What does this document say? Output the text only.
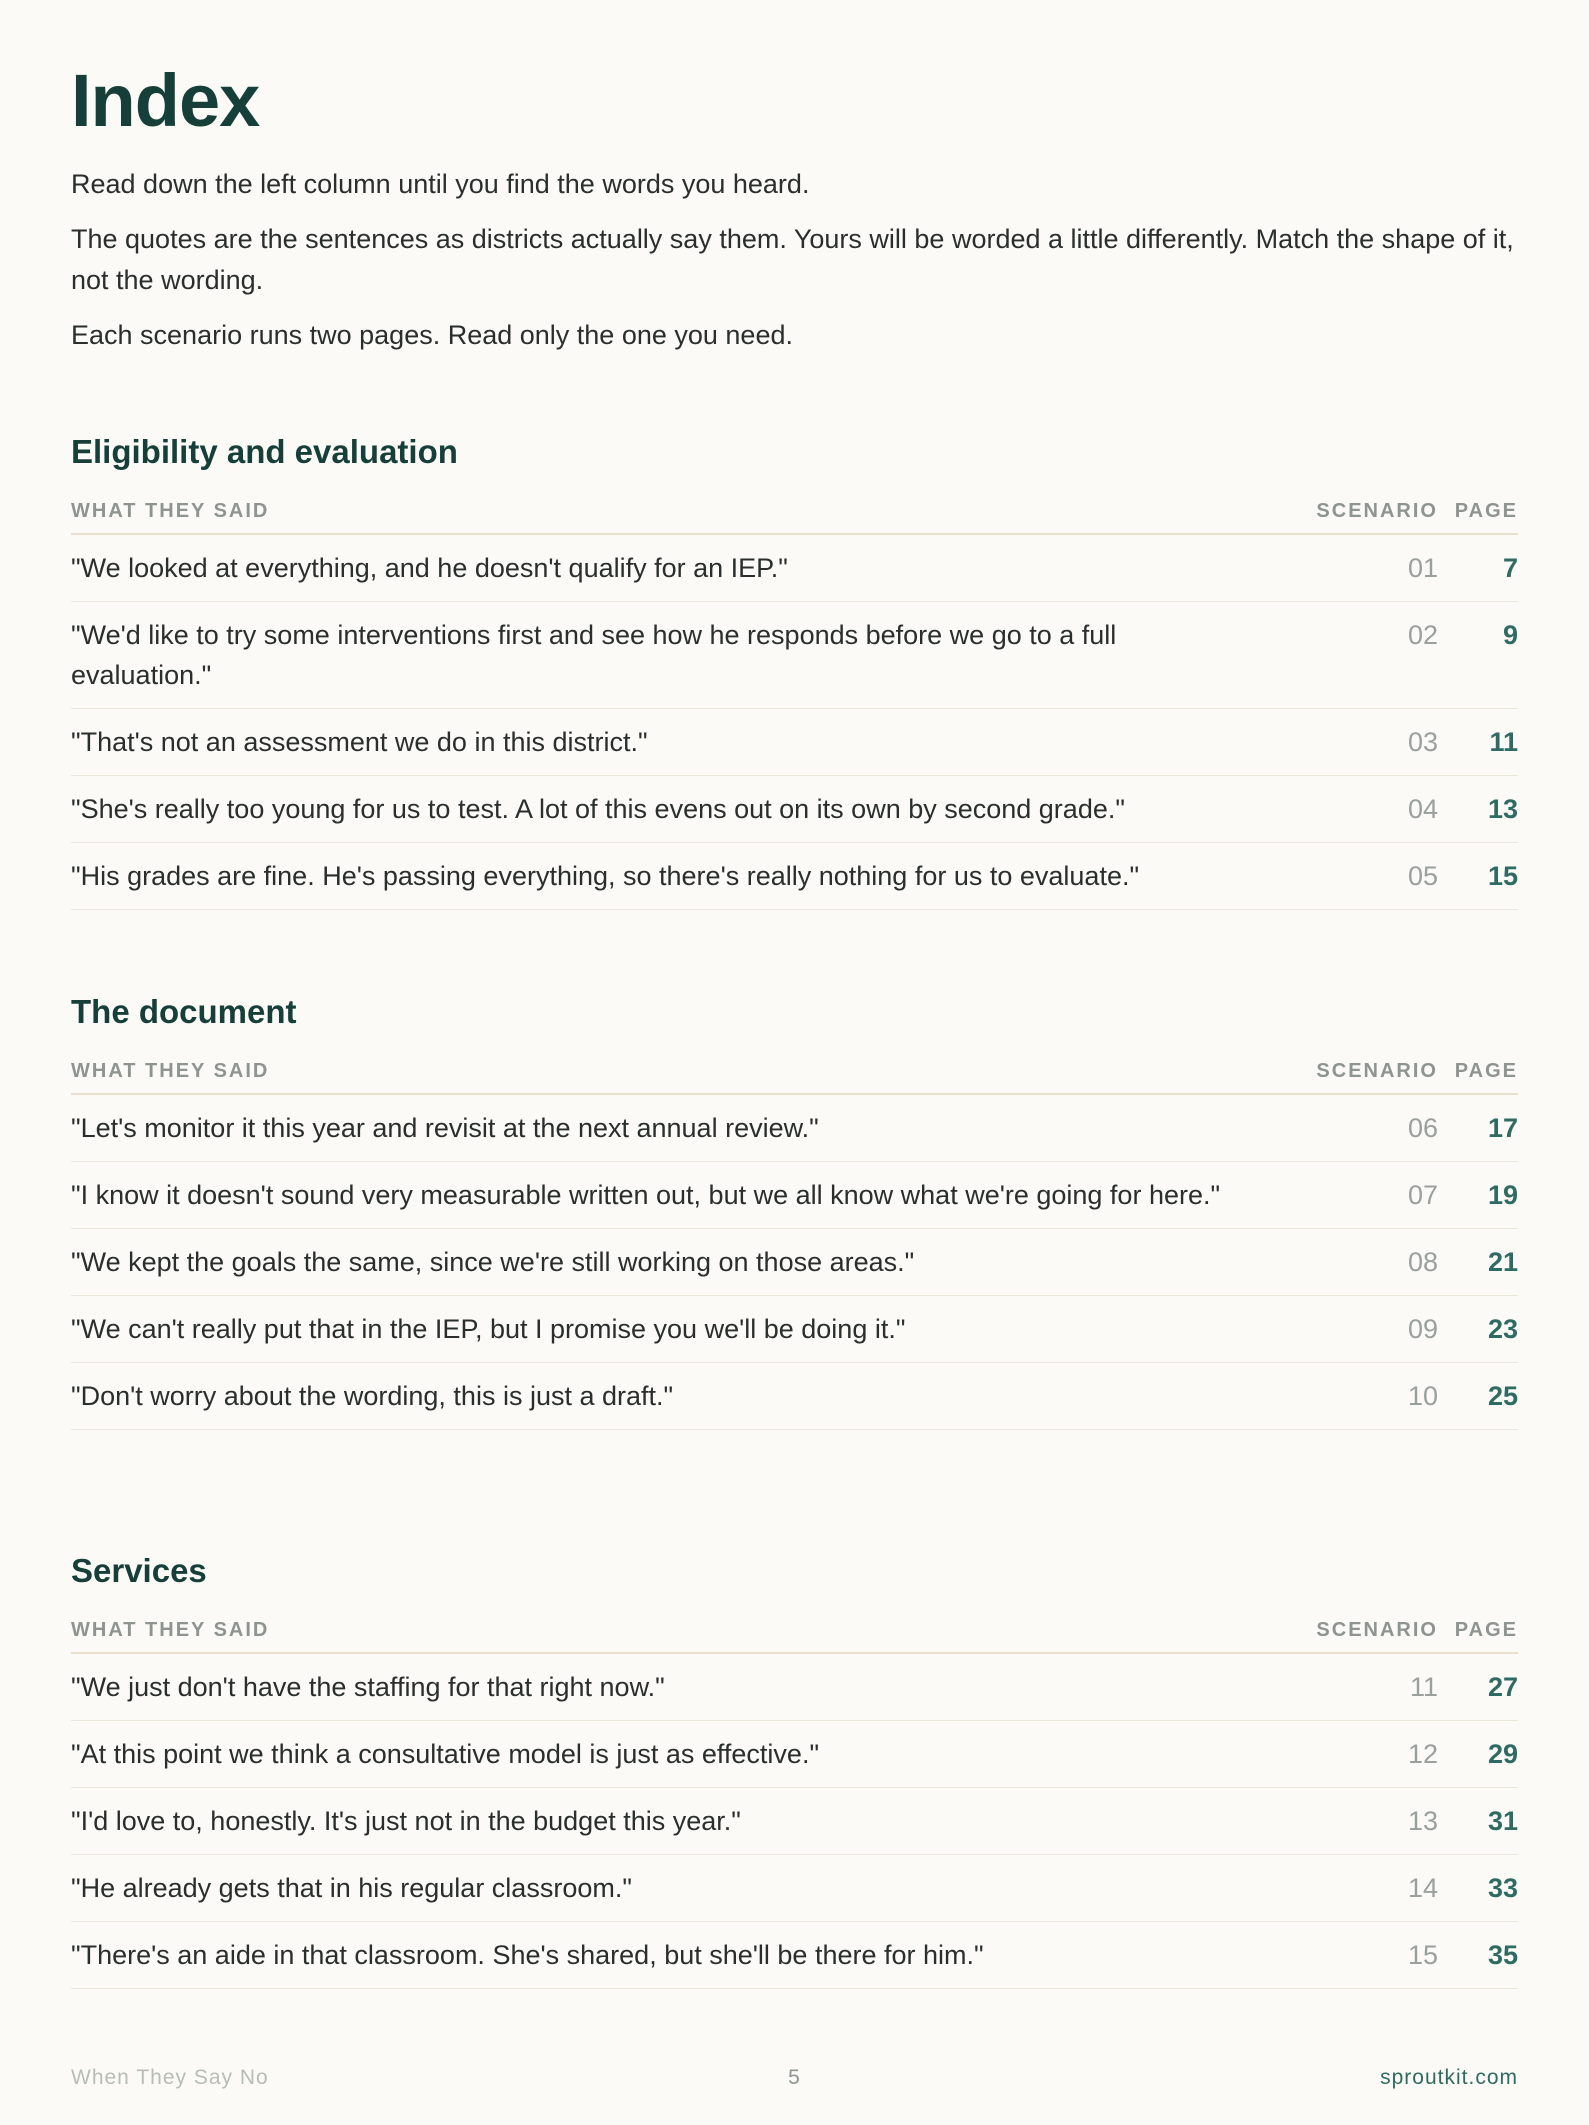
Index

Read down the left column until you find the words you heard.

The quotes are the sentences as districts actually say them. Yours will be worded a little differently. Match the shape of it, not the wording.

Each scenario runs two pages. Read only the one you need.

Eligibility and evaluation
WHAT THEY SAID	SCENARIO PAGE
"We looked at everything, and he doesn't qualify for an IEP."	01	7
"We'd like to try some interventions first and see how he responds before we go to a full evaluation."
02	9
"That's not an assessment we do in this district."	03	11
"She's really too young for us to test. A lot of this evens out on its own by second grade."	04	13
"His grades are fine. He's passing everything, so there's really nothing for us to evaluate."	05	15
The document
WHAT THEY SAID	SCENARIO PAGE
"Let's monitor it this year and revisit at the next annual review."	06	17
"I know it doesn't sound very measurable written out, but we all know what we're going for here."	07	19
"We kept the goals the same, since we're still working on those areas."	08	21
"We can't really put that in the IEP, but I promise you we'll be doing it."	09	23
"Don't worry about the wording, this is just a draft."	10	25
Services
WHAT THEY SAID	SCENARIO PAGE
"We just don't have the staffing for that right now."	11	27
"At this point we think a consultative model is just as effective."	12	29
"I'd love to, honestly. It's just not in the budget this year."	13	31
"He already gets that in his regular classroom."	14	33
"There's an aide in that classroom. She's shared, but she'll be there for him."	15	35
When They Say No	5	sproutkit.com
